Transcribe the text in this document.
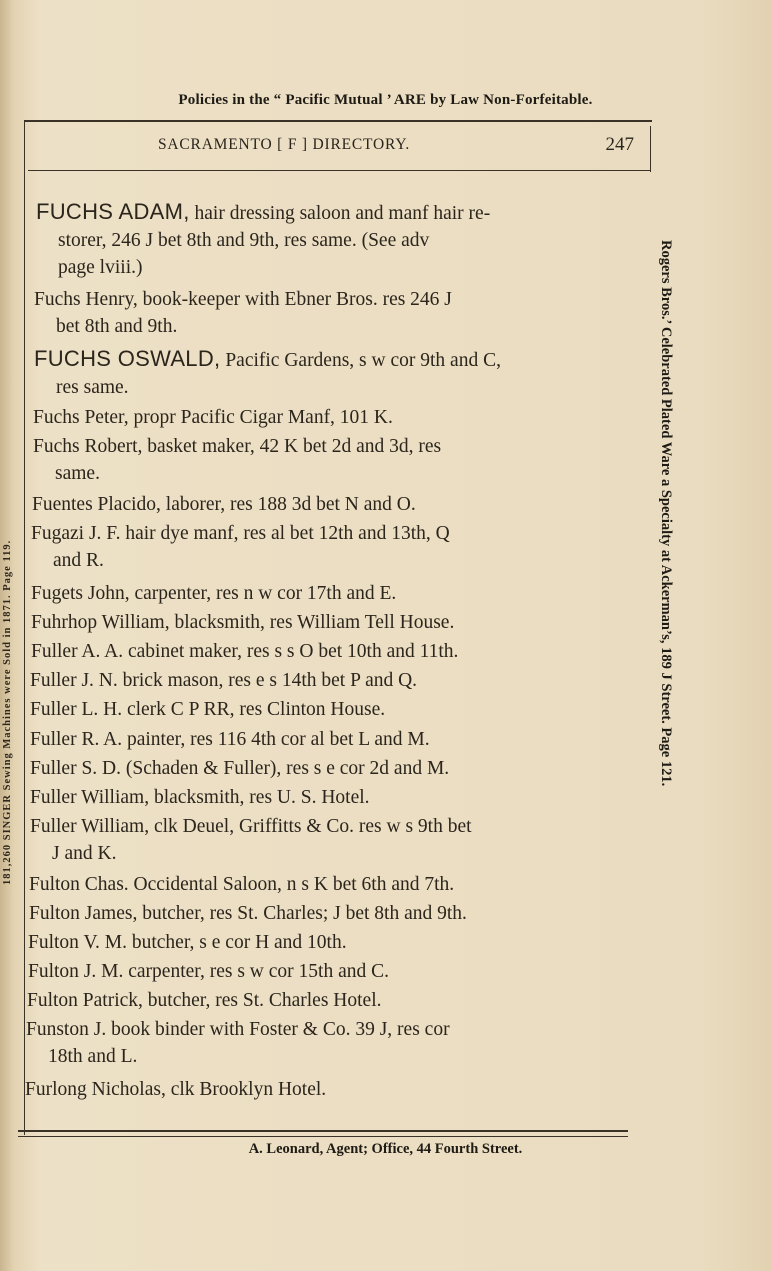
Policies in the “ Pacific Mutual ’ ARE by Law Non-Forfeitable.
SACRAMENTO [ F ] DIRECTORY.	247
FUCHS ADAM, hair dressing saloon and manf hair re-
storer, 246 J bet 8th and 9th, res same. (See adv
page lviii.)
Fuchs Henry, book-keeper with Ebner Bros. res 246 J
bet 8th and 9th.
FUCHS OSWALD, Pacific Gardens, s w cor 9th and C,
res same.
Fuchs Peter, propr Pacific Cigar Manf, 101 K.
Fuchs Robert, basket maker, 42 K bet 2d and 3d, res
same.
Fuentes Placido, laborer, res 188 3d bet N and O.
Fugazi J. F. hair dye manf, res al bet 12th and 13th, Q
and R.
Fugets John, carpenter, res n w cor 17th and E.
Fuhrhop William, blacksmith, res William Tell House.
Fuller A. A. cabinet maker, res s s O bet 10th and 11th.
Fuller J. N. brick mason, res e s 14th bet P and Q.
Fuller L. H. clerk C P RR, res Clinton House.
Fuller R. A. painter, res 116 4th cor al bet L and M.
Fuller S. D. (Schaden & Fuller), res s e cor 2d and M.
Fuller William, blacksmith, res U. S. Hotel.
Fuller William, clk Deuel, Griffitts & Co. res w s 9th bet
J and K.
Fulton Chas. Occidental Saloon, n s K bet 6th and 7th.
Fulton James, butcher, res St. Charles; J bet 8th and 9th.
Fulton V. M. butcher, s e cor H and 10th.
Fulton J. M. carpenter, res s w cor 15th and C.
Fulton Patrick, butcher, res St. Charles Hotel.
Funston J. book binder with Foster & Co. 39 J, res cor
18th and L.
Furlong Nicholas, clk Brooklyn Hotel.
A. Leonard, Agent; Office, 44 Fourth Street.
Rogers Bros.’ Celebrated Plated Ware a Specialty at Ackerman’s, 189 J Street. Page 121.
181,260 SINGER Sewing Machines were Sold in 1871. Page 119.
